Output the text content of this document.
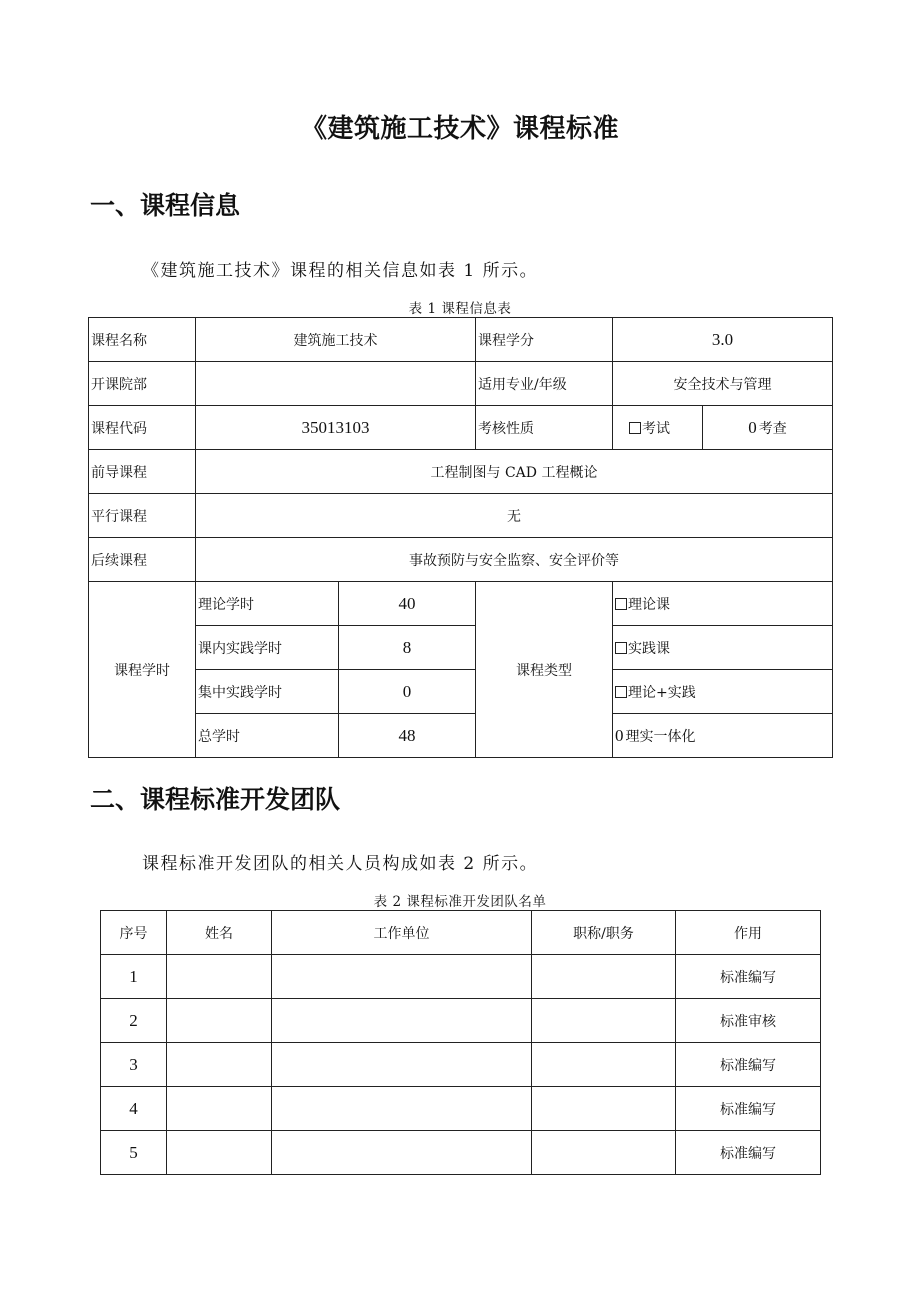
《建筑施工技术》课程标准
一、课程信息
《建筑施工技术》课程的相关信息如表 1 所示。
表 1 课程信息表
课程名称	建筑施工技术		课程学分	3.0	
开课院部			适用专业/年级	安全技术与管理	
课程代码	35013103		考核性质	考试	0 考查
前导课程	工程制图与 CAD 工程概论				
平行课程	无				
后续课程	事故预防与安全监察、安全评价等				
课程学时	理论学时	40	课程类型	理论课	
	课内实践学时	8		实践课	
	集中实践学时	0		理论+实践	
	总学时	48		0 理实一体化	
二、课程标准开发团队
课程标准开发团队的相关人员构成如表 2 所示。
表 2 课程标准开发团队名单
序号	姓名	工作单位	职称/职务	作用
1				标准编写
2				标准审核
3				标准编写
4				标准编写
5				标准编写
